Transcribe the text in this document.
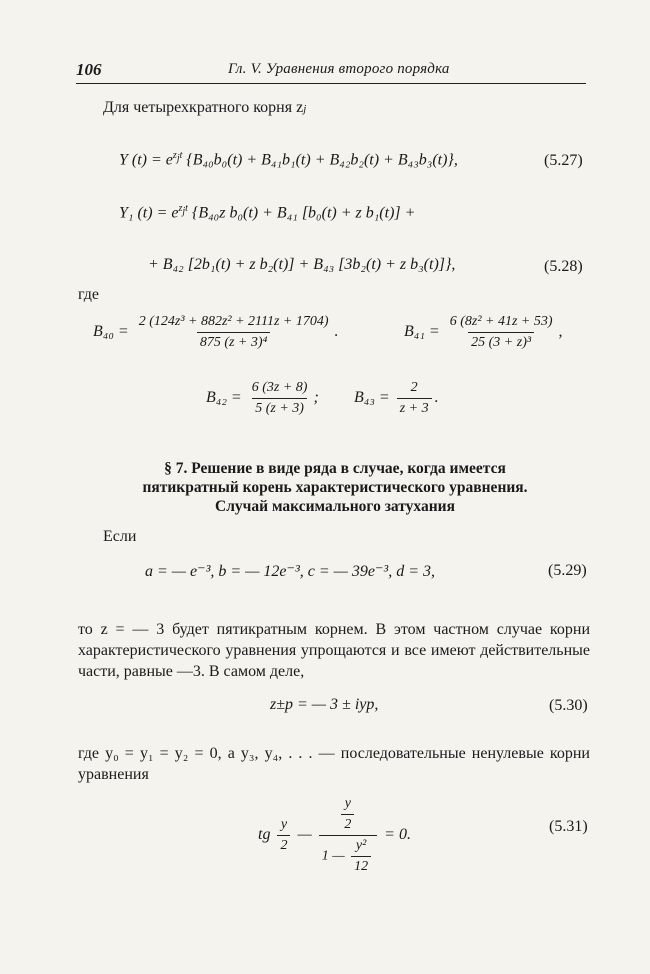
106	Гл. V. Уравнения второго порядка
Для четырехкратного корня zj
Y $(t) = e^{z_jt}$ {B₄₀b₀(t) + B₄₁b₁(t) + B₄₂b₂(t) + B₄₃b₃(t)},	(5.27)
Y₁ $(t) = e^{z_jt}$ {B₄₀z b₀(t) + B₄₁ [b₀(t) + z b₁(t)] +
+ B₄₂ [2b₁(t) + z b₂(t)] + B₄₃ [3b₂(t) + z b₃(t)]},	(5.28)
где
$B_{40} = \frac{\text{2 (124z³ + 882z² + 2111z + 1704)}}{\text{875 (z + 3)⁴}}$ .	$B_{41} = \frac{\text{6 (8z² + 41z + 53)}}{\text{25 (3 + z)³}}$ ,
$B_{42} = \frac{6 (3z + 8)}{5 (z + 3)}$ ; $B_{43} = \frac{2}{z + 3}$ .
§ 7. Решение в виде ряда в случае, когда имеется
пятикратный корень характеристического уравнения.
Случай максимального затухания
Если
a = — e⁻³, b = — 12e⁻³, c = — 39e⁻³, d = 3,	(5.29)
то z = — 3 будет пятикратным корнем. В этом частном случае корни характеристического уравнения упрощаются и все имеют действительные части, равные —3. В самом деле,
z±p = — 3 ± iyp,	(5.30)
где y₀ = y₁ = y₂ = 0, а y₃, y₄, . . . — последовательные ненулевые корни уравнения
tg $\frac{y}{2}$ — $\frac{\frac{y}{2}}{1 — \frac{\text{y²}}{12}} = 0$.	(5.31)
